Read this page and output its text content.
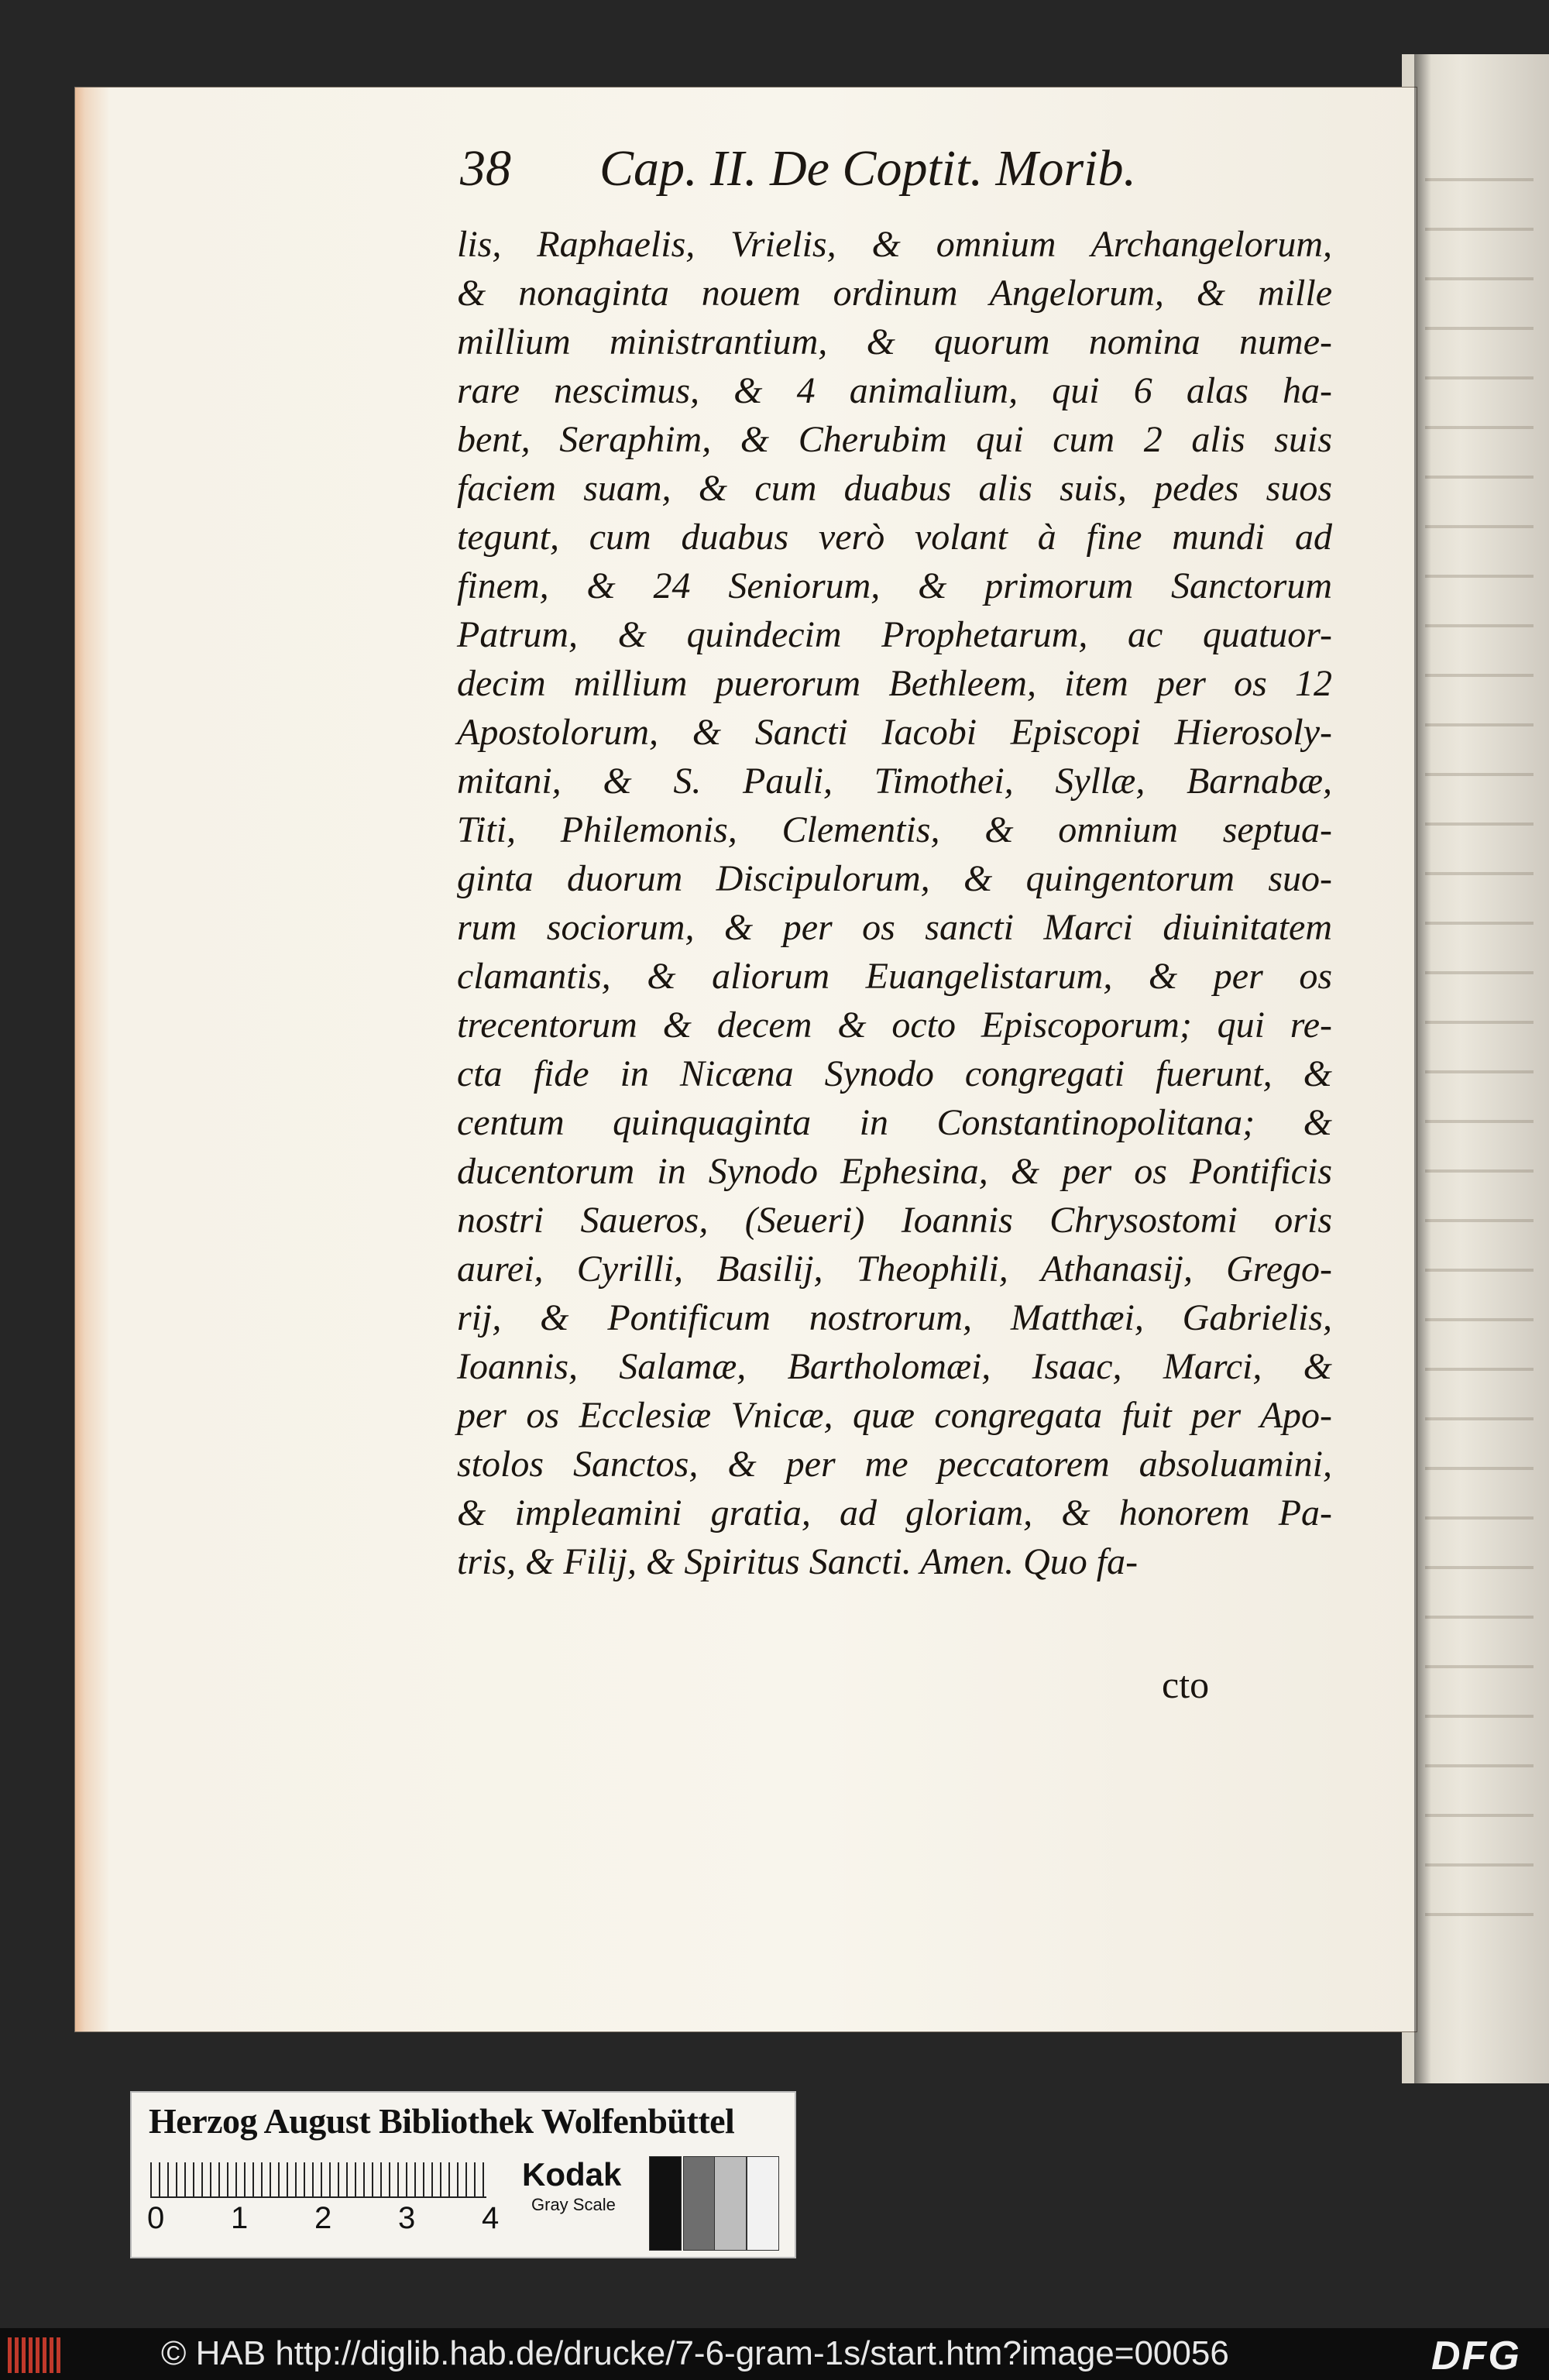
38 Cap. II. De Coptit. Morib.
lis, Raphaelis, Vrielis, & omnium Archangelorum,
& nonaginta nouem ordinum Angelorum, & mille
millium ministrantium, & quorum nomina nume-
rare nescimus, & 4 animalium, qui 6 alas ha-
bent, Seraphim, & Cherubim qui cum 2 alis suis
faciem suam, & cum duabus alis suis, pedes suos
tegunt, cum duabus verò volant à fine mundi ad
finem, & 24 Seniorum, & primorum Sanctorum
Patrum, & quindecim Prophetarum, ac quatuor-
decim millium puerorum Bethleem, item per os 12
Apostolorum, & Sancti Iacobi Episcopi Hierosoly-
mitani, & S. Pauli, Timothei, Syllæ, Barnabæ,
Titi, Philemonis, Clementis, & omnium septua-
ginta duorum Discipulorum, & quingentorum suo-
rum sociorum, & per os sancti Marci diuinitatem
clamantis, & aliorum Euangelistarum, & per os
trecentorum & decem & octo Episcoporum; qui re-
cta fide in Nicæna Synodo congregati fuerunt, &
centum quinquaginta in Constantinopolitana; &
ducentorum in Synodo Ephesina, & per os Pontificis
nostri Saueros, (Seueri) Ioannis Chrysostomi oris
aurei, Cyrilli, Basilij, Theophili, Athanasij, Grego-
rij, & Pontificum nostrorum, Matthæi, Gabrielis,
Ioannis, Salamæ, Bartholomæi, Isaac, Marci, &
per os Ecclesiæ Vnicæ, quæ congregata fuit per Apo-
stolos Sanctos, & per me peccatorem absoluamini,
& impleamini gratia, ad gloriam, & honorem Pa-
tris, & Filij, & Spiritus Sancti. Amen. Quo fa-
cto
Herzog August Bibliothek Wolfenbüttel
0 1 2 3 4
Kodak
Gray Scale
© HAB http://diglib.hab.de/drucke/7-6-gram-1s/start.htm?image=00056	DFG
